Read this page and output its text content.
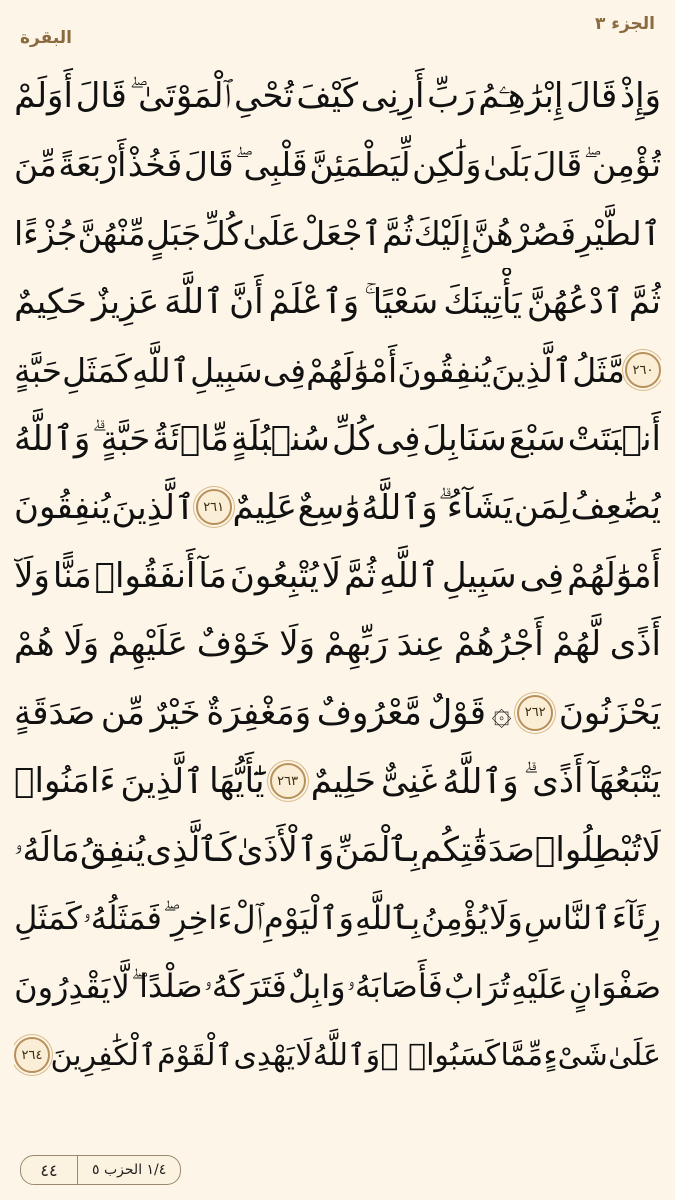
الجزء ٣
البقرة
وَإِذْ
قَالَ
إِبْرَٰهِـۧمُ
رَبِّ
أَرِنِى
كَيْفَ
تُحْىِ
ٱلْمَوْتَىٰ ۖ
قَالَ
أَوَلَمْ
تُؤْمِن ۖ
قَالَ
بَلَىٰ
وَلَٰكِن
لِّيَطْمَئِنَّ
قَلْبِى ۖ
قَالَ
فَخُذْ
أَرْبَعَةً
مِّنَ
ٱلطَّيْرِ
فَصُرْهُنَّ
إِلَيْكَ
ثُمَّ
ٱجْعَلْ
عَلَىٰ
كُلِّ
جَبَلٍ
مِّنْهُنَّ
جُزْءًا
ثُمَّ
ٱدْعُهُنَّ
يَأْتِينَكَ
سَعْيًا ۚ
وَٱعْلَمْ
أَنَّ
ٱللَّهَ
عَزِيزٌ
حَكِيمٌ
٢٦٠
مَّثَلُ
ٱلَّذِينَ
يُنفِقُونَ
أَمْوَٰلَهُمْ
فِى
سَبِيلِ
ٱللَّهِ
كَمَثَلِ
حَبَّةٍ
أَنۢبَتَتْ
سَبْعَ
سَنَابِلَ
فِى
كُلِّ
سُنۢبُلَةٍ
مِّا۟ئَةُ
حَبَّةٍ ۗ
وَٱللَّهُ
يُضَٰعِفُ
لِمَن
يَشَآءُ ۗ
وَٱللَّهُ
وَٰسِعٌ
عَلِيمٌ
٢٦١
ٱلَّذِينَ
يُنفِقُونَ
أَمْوَٰلَهُمْ
فِى
سَبِيلِ
ٱللَّهِ
ثُمَّ
لَا
يُتْبِعُونَ
مَآ
أَنفَقُوا۟
مَنًّا
وَلَآ
أَذًى
لَّهُمْ
أَجْرُهُمْ
عِندَ
رَبِّهِمْ
وَلَا
خَوْفٌ
عَلَيْهِمْ
وَلَا
هُمْ
يَحْزَنُونَ
٢٦٢
۞
قَوْلٌ
مَّعْرُوفٌ
وَمَغْفِرَةٌ
خَيْرٌ
مِّن
صَدَقَةٍ
يَتْبَعُهَآ
أَذًى ۗ
وَٱللَّهُ
غَنِىٌّ
حَلِيمٌ
٢٦٣
يَٰٓأَيُّهَا
ٱلَّذِينَ
ءَامَنُوا۟
لَا
تُبْطِلُوا۟
صَدَقَٰتِكُم
بِٱلْمَنِّ
وَٱلْأَذَىٰ
كَٱلَّذِى
يُنفِقُ
مَالَهُۥ
رِئَآءَ
ٱلنَّاسِ
وَلَا
يُؤْمِنُ
بِٱللَّهِ
وَٱلْيَوْمِ
ٱلْءَاخِرِ ۖ
فَمَثَلُهُۥ
كَمَثَلِ
صَفْوَانٍ
عَلَيْهِ
تُرَابٌ
فَأَصَابَهُۥ
وَابِلٌ
فَتَرَكَهُۥ
صَلْدًا ۖ
لَّا
يَقْدِرُونَ
عَلَىٰ
شَىْءٍ
مِّمَّا
كَسَبُوا۟ ۗ
وَٱللَّهُ
لَا
يَهْدِى
ٱلْقَوْمَ
ٱلْكَٰفِرِينَ
٢٦٤
٤٤	١/٤ الحزب ٥
